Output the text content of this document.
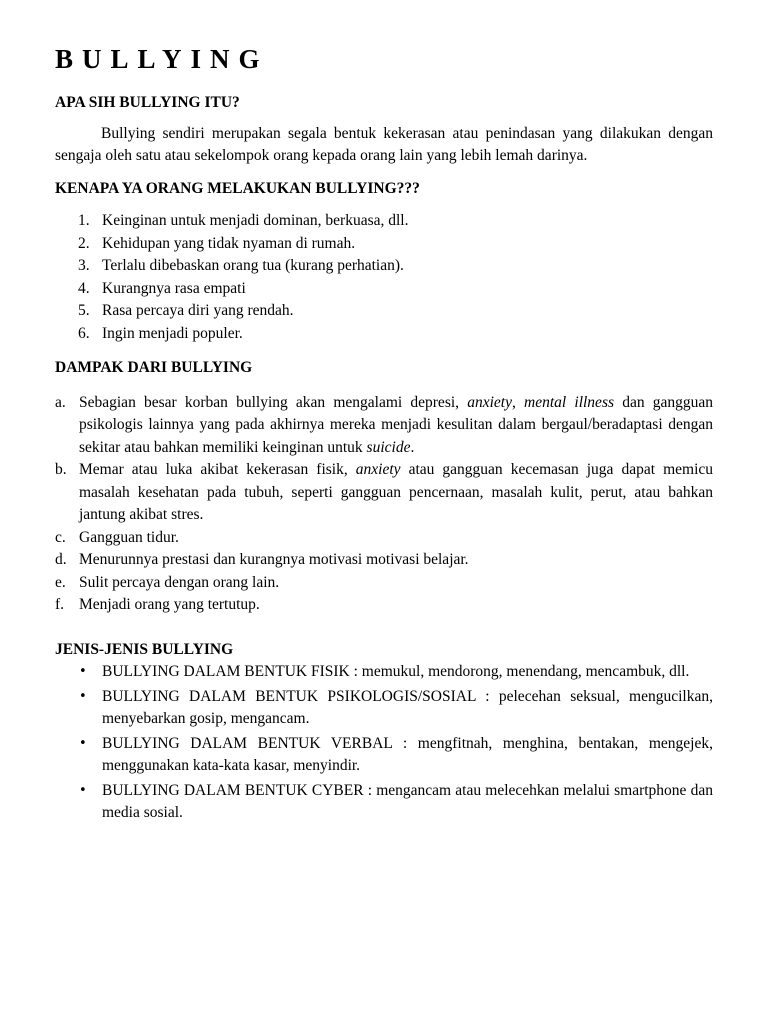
BULLYING
APA SIH BULLYING ITU?

Bullying sendiri merupakan segala bentuk kekerasan atau penindasan yang dilakukan dengan sengaja oleh satu atau sekelompok orang kepada orang lain yang lebih lemah darinya.

KENAPA YA ORANG MELAKUKAN BULLYING???
1. Keinginan untuk menjadi dominan, berkuasa, dll.
2. Kehidupan yang tidak nyaman di rumah.
3. Terlalu dibebaskan orang tua (kurang perhatian).
4. Kurangnya rasa empati
5. Rasa percaya diri yang rendah.
6. Ingin menjadi populer.
DAMPAK DARI BULLYING
a. Sebagian besar korban bullying akan mengalami depresi, anxiety, mental illness dan gangguan psikologis lainnya yang pada akhirnya mereka menjadi kesulitan dalam bergaul/beradaptasi dengan sekitar atau bahkan memiliki keinginan untuk suicide.
b. Memar atau luka akibat kekerasan fisik, anxiety atau gangguan kecemasan juga dapat memicu masalah kesehatan pada tubuh, seperti gangguan pencernaan, masalah kulit, perut, atau bahkan jantung akibat stres.
c. Gangguan tidur.
d. Menurunnya prestasi dan kurangnya motivasi motivasi belajar.
e. Sulit percaya dengan orang lain.
f. Menjadi orang yang tertutup.
JENIS-JENIS BULLYING
• BULLYING DALAM BENTUK FISIK : memukul, mendorong, menendang, mencambuk, dll.
• BULLYING DALAM BENTUK PSIKOLOGIS/SOSIAL : pelecehan seksual, mengucilkan, menyebarkan gosip, mengancam.
• BULLYING DALAM BENTUK VERBAL : mengfitnah, menghina, bentakan, mengejek, menggunakan kata-kata kasar, menyindir.
• BULLYING DALAM BENTUK CYBER : mengancam atau melecehkan melalui smartphone dan media sosial.
